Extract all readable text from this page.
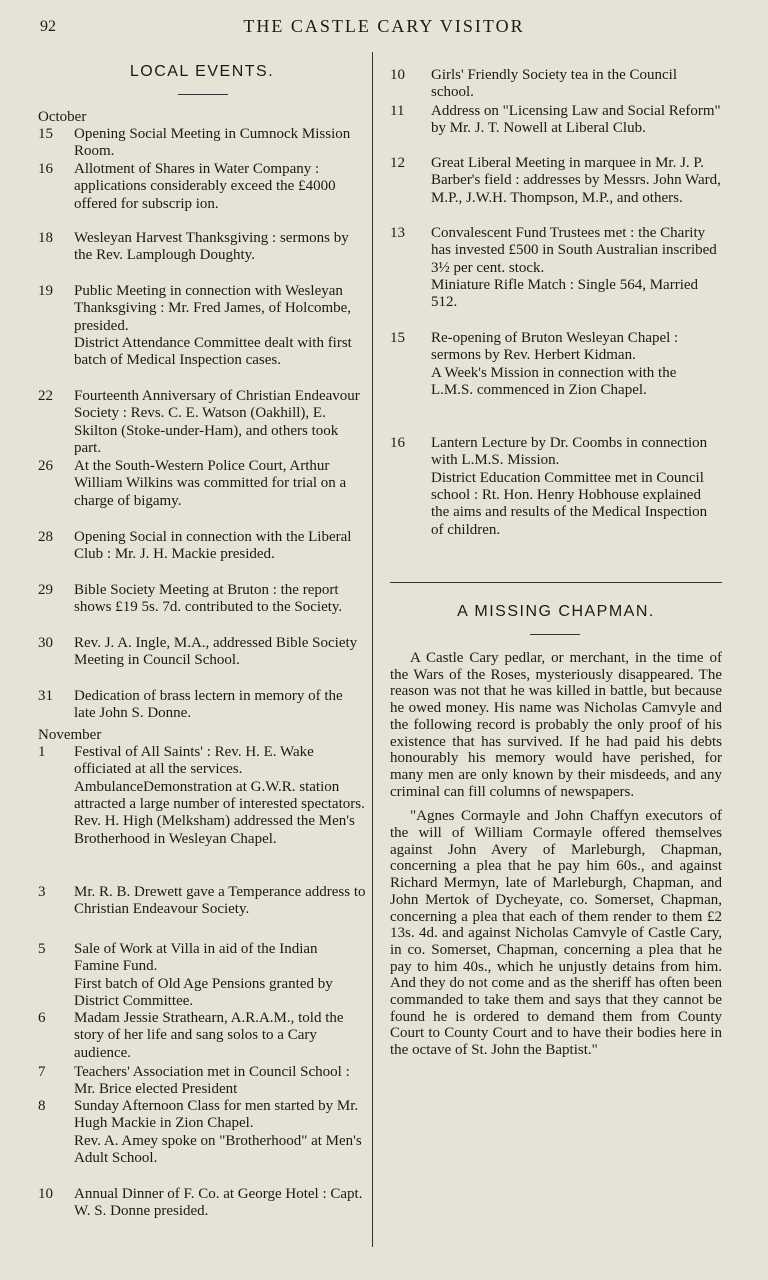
92	THE CASTLE CARY VISITOR
LOCAL EVENTS.
October
15	Opening Social Meeting in Cumnock Mission Room.
16	Allotment of Shares in Water Company : applications considerably exceed the £4000 offered for subscrip ion.
18	Wesleyan Harvest Thanksgiving : sermons by the Rev. Lamplough Doughty.
19	Public Meeting in connection with Wesleyan Thanksgiving : Mr. Fred James, of Holcombe, presided.
District Attendance Committee dealt with first batch of Medical Inspection cases.
22	Fourteenth Anniversary of Christian Endeavour Society : Revs. C. E. Watson (Oakhill), E. Skilton (Stoke-under-Ham), and others took part.
26	At the South-Western Police Court, Arthur William Wilkins was committed for trial on a charge of bigamy.
28	Opening Social in connection with the Liberal Club : Mr. J. H. Mackie presided.
29	Bible Society Meeting at Bruton : the report shows £19 5s. 7d. contributed to the Society.
30	Rev. J. A. Ingle, M.A., addressed Bible Society Meeting in Council School.
31	Dedication of brass lectern in memory of the late John S. Donne.
November
1	Festival of All Saints' : Rev. H. E. Wake officiated at all the services.
AmbulanceDemonstration at G.W.R. station attracted a large number of interested spectators.
Rev. H. High (Melksham) addressed the Men's Brotherhood in Wesleyan Chapel.
3	Mr. R. B. Drewett gave a Temperance address to Christian Endeavour Society.
5	Sale of Work at Villa in aid of the Indian Famine Fund.
First batch of Old Age Pensions granted by District Committee.
6	Madam Jessie Strathearn, A.R.A.M., told the story of her life and sang solos to a Cary audience.
7	Teachers' Association met in Council School : Mr. Brice elected President
8	Sunday Afternoon Class for men started by Mr. Hugh Mackie in Zion Chapel.
Rev. A. Amey spoke on "Brotherhood" at Men's Adult School.
10	Annual Dinner of F. Co. at George Hotel : Capt. W. S. Donne presided.
10	Girls' Friendly Society tea in the Council school.
11	Address on "Licensing Law and Social Reform" by Mr. J. T. Nowell at Liberal Club.
12	Great Liberal Meeting in marquee in Mr. J. P. Barber's field : addresses by Messrs. John Ward, M.P., J.W.H. Thompson, M.P., and others.
13	Convalescent Fund Trustees met : the Charity has invested £500 in South Australian inscribed 3½ per cent. stock.
Miniature Rifle Match : Single 564, Married 512.
15	Re-opening of Bruton Wesleyan Chapel : sermons by Rev. Herbert Kidman.
A Week's Mission in connection with the L.M.S. commenced in Zion Chapel.
16	Lantern Lecture by Dr. Coombs in connection with L.M.S. Mission.
District Education Committee met in Council school : Rt. Hon. Henry Hobhouse explained the aims and results of the Medical Inspection of children.
A MISSING CHAPMAN.

A Castle Cary pedlar, or merchant, in the time of the Wars of the Roses, mysteriously disappeared. The reason was not that he was killed in battle, but because he owed money. His name was Nicholas Camvyle and the following record is probably the only proof of his existence that has survived. If he had paid his debts honourably his memory would have perished, for many men are only known by their misdeeds, and any criminal can fill columns of newspapers.

"Agnes Cormayle and John Chaffyn executors of the will of William Cormayle offered themselves against John Avery of Marleburgh, Chapman, concerning a plea that he pay him 60s., and against Richard Mermyn, late of Marleburgh, Chapman, and John Mertok of Dycheyate, co. Somerset, Chapman, concerning a plea that each of them render to them £2 13s. 4d. and against Nicholas Camvyle of Castle Cary, in co. Somerset, Chapman, concerning a plea that he pay to him 40s., which he unjustly detains from him. And they do not come and as the sheriff has often been commanded to take them and says that they cannot be found he is ordered to demand them from County Court to County Court and to have their bodies here in the octave of St. John the Baptist."
